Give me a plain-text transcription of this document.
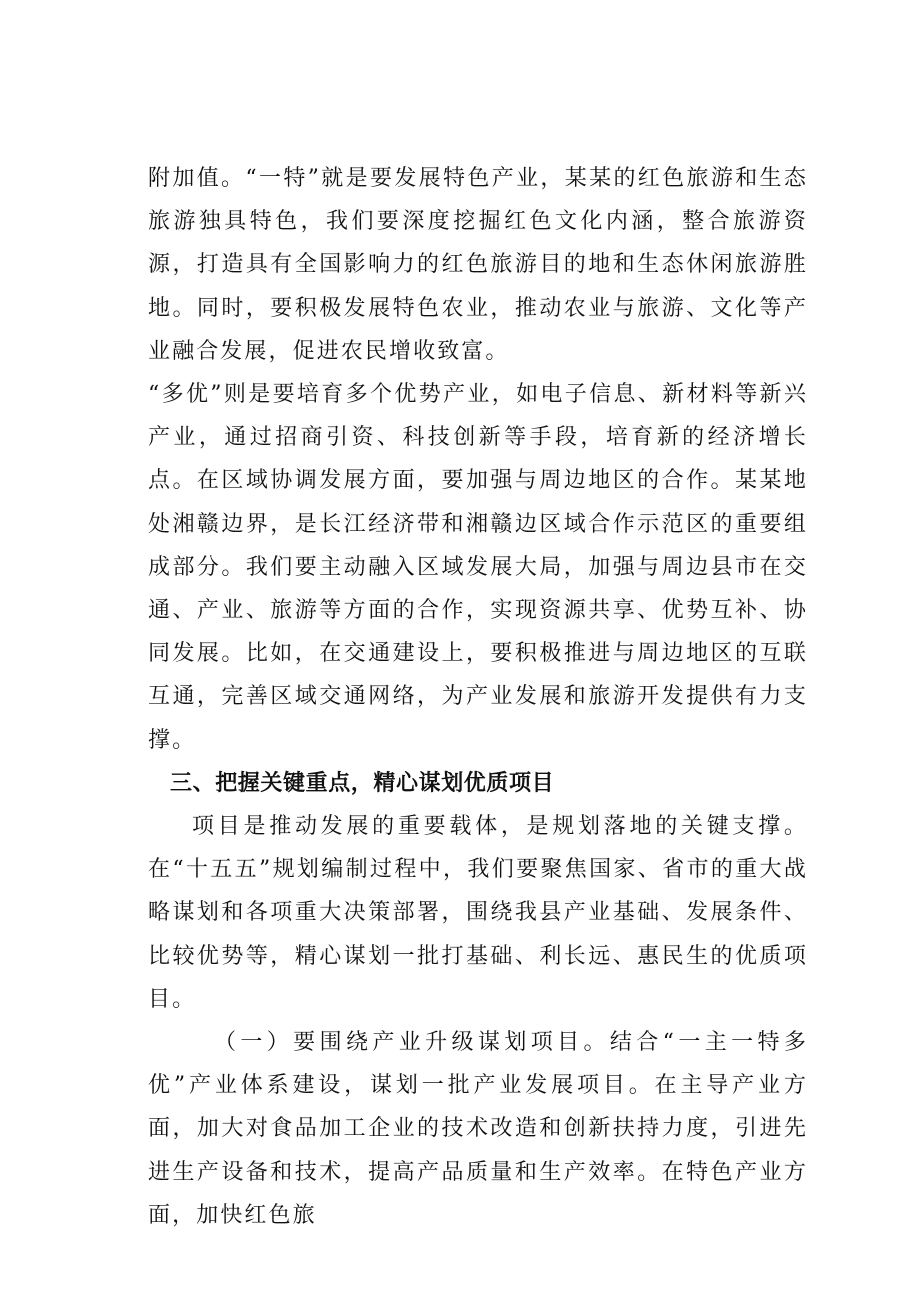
附加值。“一特”就是要发展特色产业，某某的红色旅游和生态旅游独具特色，我们要深度挖掘红色文化内涵，整合旅游资源，打造具有全国影响力的红色旅游目的地和生态休闲旅游胜地。同时，要积极发展特色农业，推动农业与旅游、文化等产业融合发展，促进农民增收致富。

“多优”则是要培育多个优势产业，如电子信息、新材料等新兴产业，通过招商引资、科技创新等手段，培育新的经济增长点。在区域协调发展方面，要加强与周边地区的合作。某某地处湘赣边界，是长江经济带和湘赣边区域合作示范区的重要组成部分。我们要主动融入区域发展大局，加强与周边县市在交通、产业、旅游等方面的合作，实现资源共享、优势互补、协同发展。比如，在交通建设上，要积极推进与周边地区的互联互通，完善区域交通网络，为产业发展和旅游开发提供有力支撑。

三、把握关键重点，精心谋划优质项目

项目是推动发展的重要载体，是规划落地的关键支撑。在“十五五”规划编制过程中，我们要聚焦国家、省市的重大战略谋划和各项重大决策部署，围绕我县产业基础、发展条件、比较优势等，精心谋划一批打基础、利长远、惠民生的优质项目。

（一）要围绕产业升级谋划项目。结合“一主一特多优”产业体系建设，谋划一批产业发展项目。在主导产业方面，加大对食品加工企业的技术改造和创新扶持力度，引进先进生产设备和技术，提高产品质量和生产效率。在特色产业方面，加快红色旅
